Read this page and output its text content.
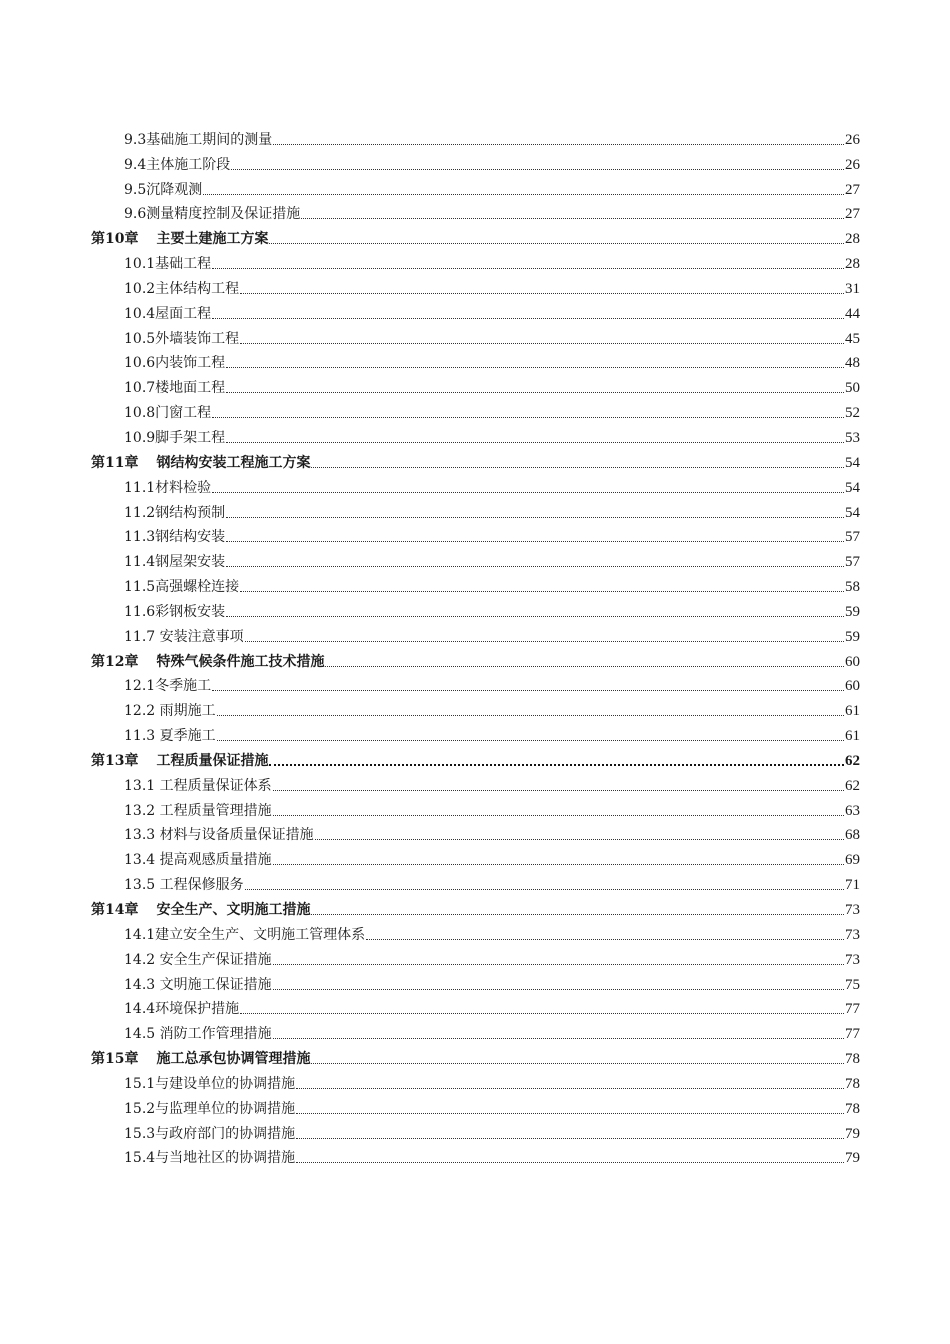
9.3基础施工期间的测量	26
9.4主体施工阶段	26
9.5沉降观测	27
9.6测量精度控制及保证措施	27
第10章 主要土建施工方案	28
10.1基础工程	28
10.2主体结构工程	31
10.4屋面工程	44
10.5外墙装饰工程	45
10.6内装饰工程	48
10.7楼地面工程	50
10.8门窗工程	52
10.9脚手架工程	53
第11章 钢结构安装工程施工方案	54
11.1材料检验	54
11.2钢结构预制	54
11.3钢结构安装	57
11.4钢屋架安装	57
11.5高强螺栓连接	58
11.6彩钢板安装	59
11.7 安装注意事项	59
第12章 特殊气候条件施工技术措施	60
12.1冬季施工	60
12.2 雨期施工	61
11.3 夏季施工	61
第13章 工程质量保证措施	62
13.1 工程质量保证体系	62
13.2 工程质量管理措施	63
13.3 材料与设备质量保证措施	68
13.4 提高观感质量措施	69
13.5 工程保修服务	71
第14章 安全生产、文明施工措施	73
14.1建立安全生产、文明施工管理体系	73
14.2 安全生产保证措施	73
14.3 文明施工保证措施	75
14.4环境保护措施	77
14.5 消防工作管理措施	77
第15章 施工总承包协调管理措施	78
15.1与建设单位的协调措施	78
15.2与监理单位的协调措施	78
15.3与政府部门的协调措施	79
15.4与当地社区的协调措施	79
